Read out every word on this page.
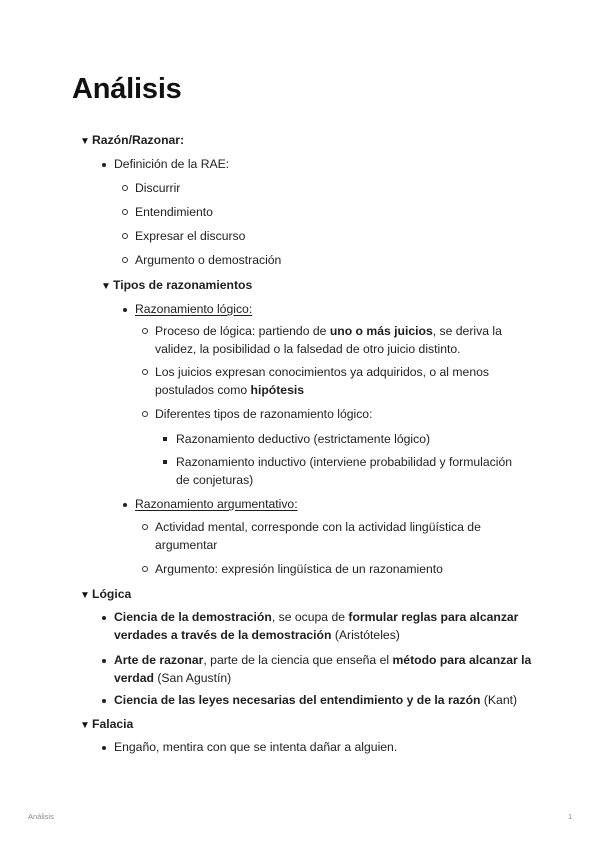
Análisis
▼ Razón/Razonar:
Definición de la RAE:
Discurrir
Entendimiento
Expresar el discurso
Argumento o demostración
▼ Tipos de razonamientos
Razonamiento lógico:
Proceso de lógica: partiendo de uno o más juicios, se deriva la
validez, la posibilidad o la falsedad de otro juicio distinto.
Los juicios expresan conocimientos ya adquiridos, o al menos
postulados como hipótesis
Diferentes tipos de razonamiento lógico:
Razonamiento deductivo (estrictamente lógico)
Razonamiento inductivo (interviene probabilidad y formulación
de conjeturas)
Razonamiento argumentativo:
Actividad mental, corresponde con la actividad lingüística de
argumentar
Argumento: expresión lingüística de un razonamiento
▼ Lógica
Ciencia de la demostración, se ocupa de formular reglas para alcanzar
verdades a través de la demostración (Aristóteles)
Arte de razonar, parte de la ciencia que enseña el método para alcanzar la
verdad (San Agustín)
Ciencia de las leyes necesarias del entendimiento y de la razón (Kant)
▼ Falacia
Engaño, mentira con que se intenta dañar a alguien.
Análisis	1
